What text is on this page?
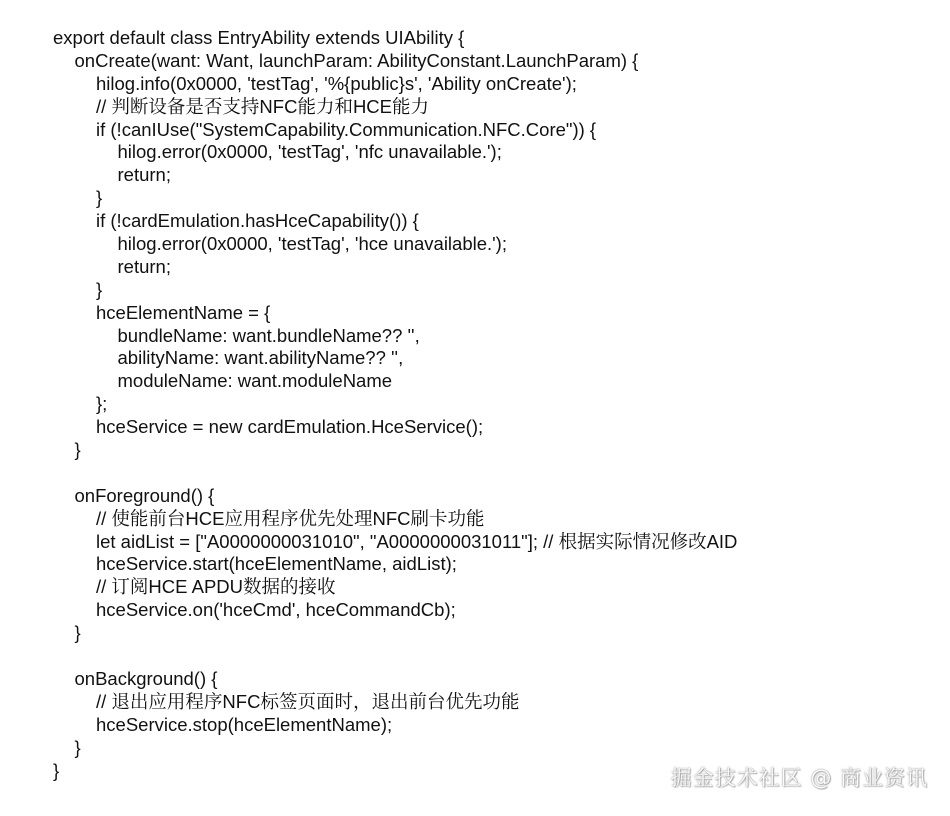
export default class EntryAbility extends UIAbility {
onCreate(want: Want, launchParam: AbilityConstant.LaunchParam) {
hilog.info(0x0000, 'testTag', '%{public}s', 'Ability onCreate');
// 判断设备是否支持NFC能力和HCE能力
if (!canIUse("SystemCapability.Communication.NFC.Core")) {
hilog.error(0x0000, 'testTag', 'nfc unavailable.');
return;
}
if (!cardEmulation.hasHceCapability()) {
hilog.error(0x0000, 'testTag', 'hce unavailable.');
return;
}
hceElementName = {
bundleName: want.bundleName?? '',
abilityName: want.abilityName?? '',
moduleName: want.moduleName
};
hceService = new cardEmulation.HceService();
}
onForeground() {
// 使能前台HCE应用程序优先处理NFC刷卡功能
let aidList = ["A0000000031010", "A0000000031011"]; // 根据实际情况修改AID
hceService.start(hceElementName, aidList);
// 订阅HCE APDU数据的接收
hceService.on('hceCmd', hceCommandCb);
}
onBackground() {
// 退出应用程序NFC标签页面时，退出前台优先功能
hceService.stop(hceElementName);
}
}	掘金技术社区 @ 商业资讯
